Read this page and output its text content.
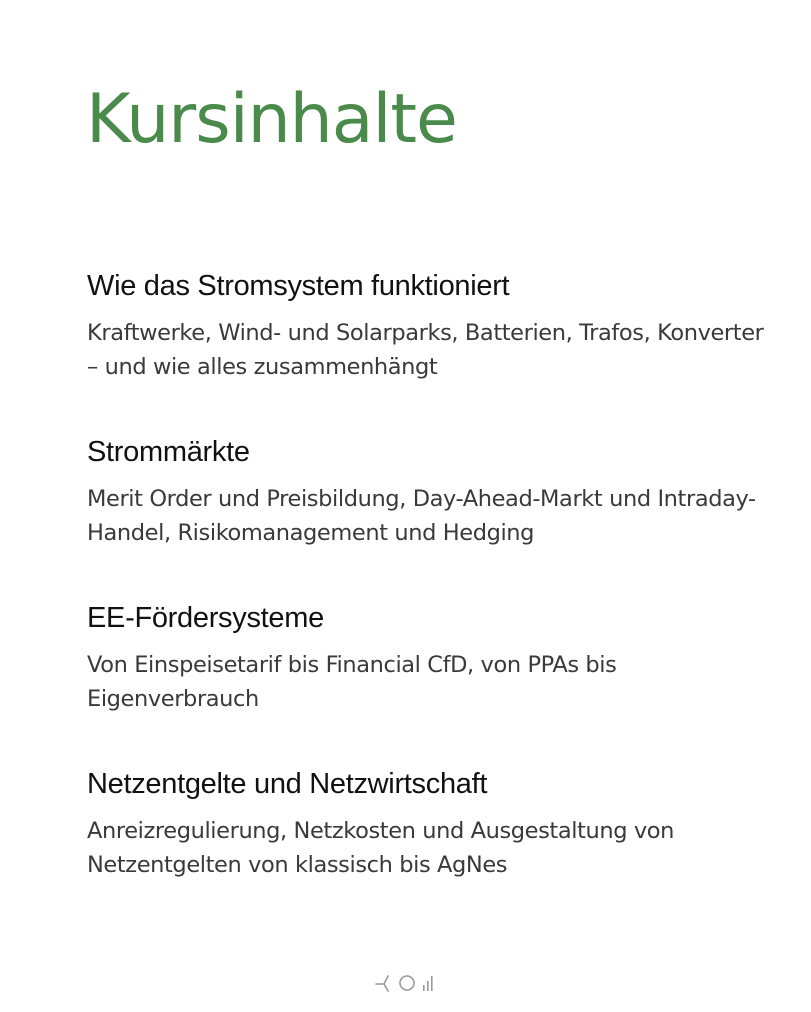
Kursinhalte
Wie das Stromsystem funktioniert

Kraftwerke, Wind- und Solarparks, Batterien, Trafos, Konverter – und wie alles zusammenhängt

Strommärkte

Merit Order und Preisbildung, Day-Ahead-Markt und Intraday-Handel, Risikomanagement und Hedging

EE-Fördersysteme

Von Einspeisetarif bis Financial CfD, von PPAs bis Eigenverbrauch

Netzentgelte und Netzwirtschaft

Anreizregulierung, Netzkosten und Ausgestaltung von Netzentgelten von klassisch bis AgNes
